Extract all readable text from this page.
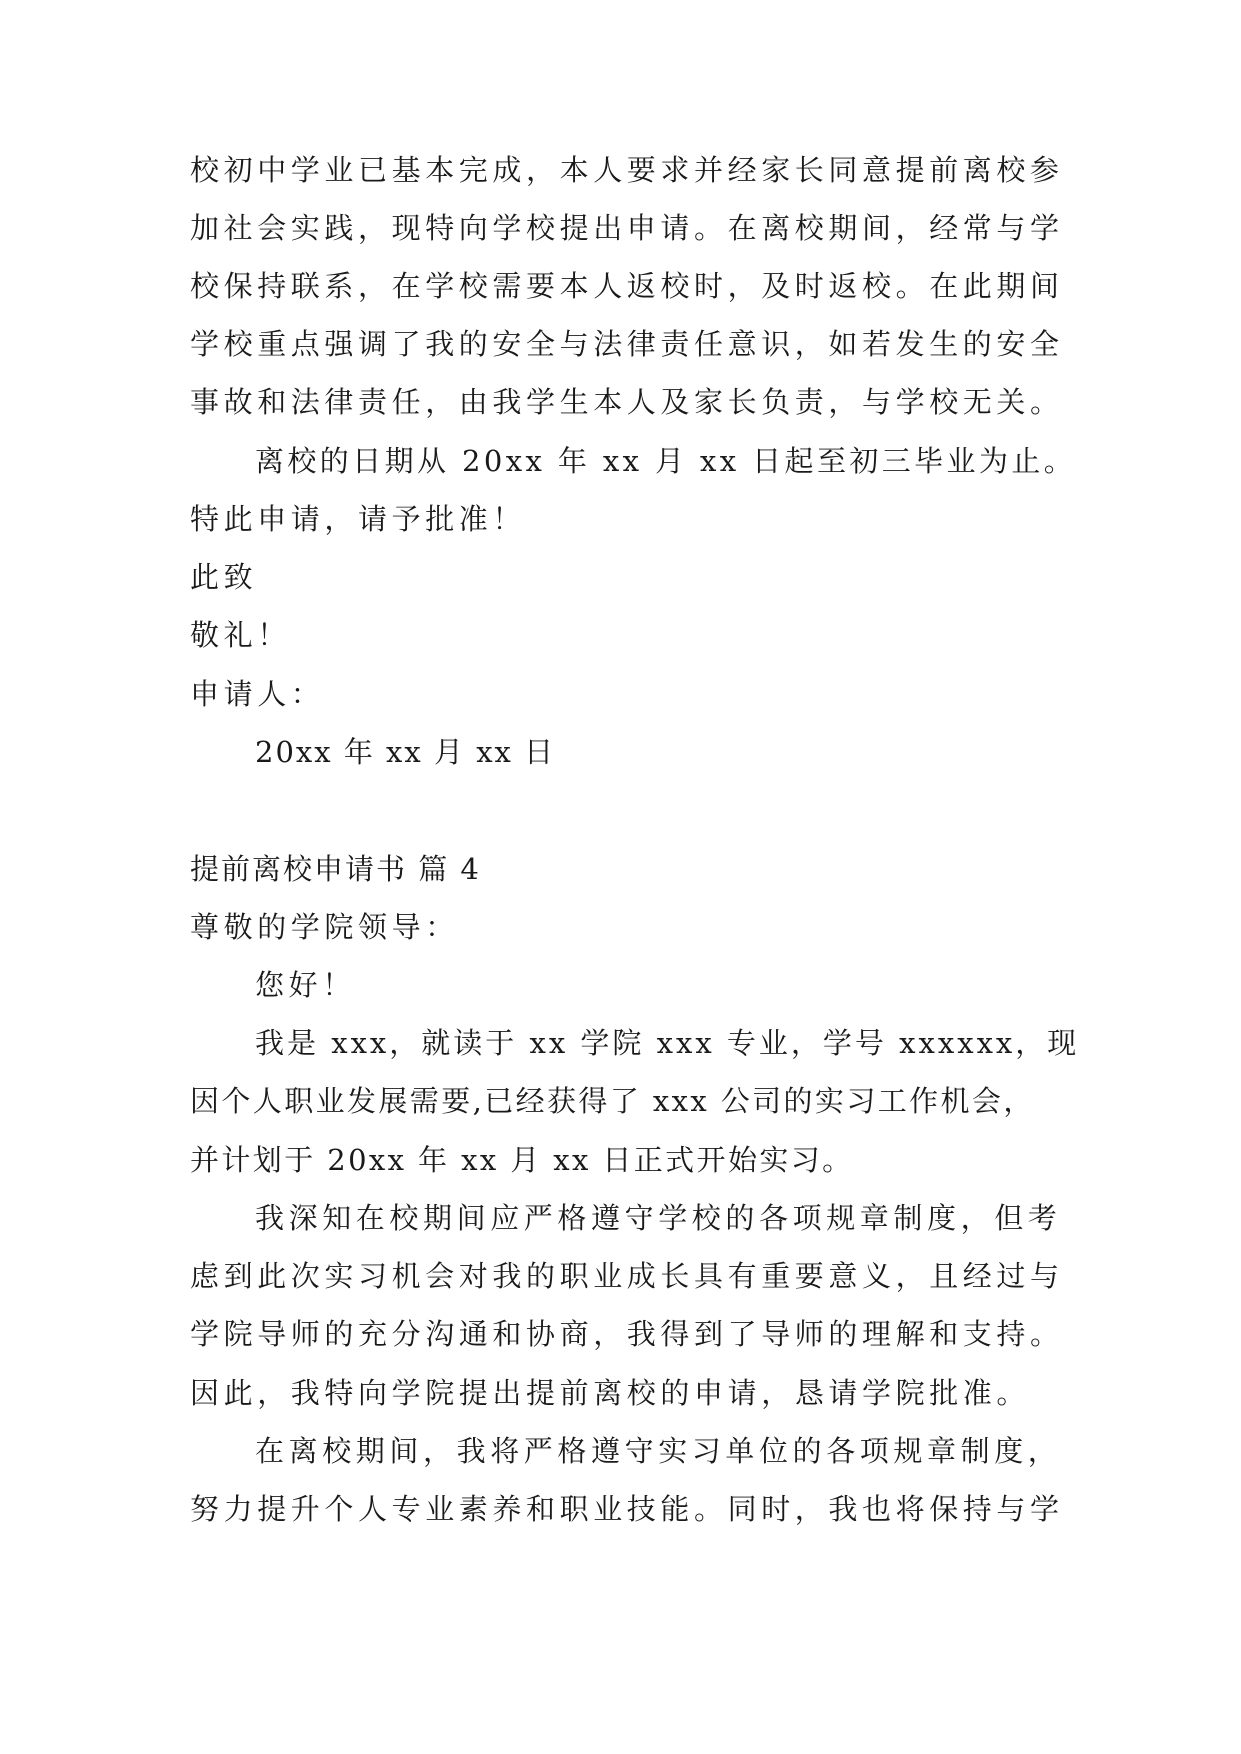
校初中学业已基本完成，本人要求并经家长同意提前离校参
加社会实践，现特向学校提出申请。在离校期间，经常与学
校保持联系，在学校需要本人返校时，及时返校。在此期间
学校重点强调了我的安全与法律责任意识，如若发生的安全
事故和法律责任，由我学生本人及家长负责，与学校无关。
离校的日期从 20xx 年 xx 月 xx 日起至初三毕业为止。
特此申请，请予批准！
此致
敬礼！
申请人：
20xx 年 xx 月 xx 日
提前离校申请书 篇 4
尊敬的学院领导：
您好！
我是 xxx，就读于 xx 学院 xxx 专业，学号 xxxxxx，现
因个人职业发展需要,已经获得了 xxx 公司的实习工作机会，
并计划于 20xx 年 xx 月 xx 日正式开始实习。
我深知在校期间应严格遵守学校的各项规章制度，但考
虑到此次实习机会对我的职业成长具有重要意义，且经过与
学院导师的充分沟通和协商，我得到了导师的理解和支持。
因此，我特向学院提出提前离校的申请，恳请学院批准。
在离校期间，我将严格遵守实习单位的各项规章制度，
努力提升个人专业素养和职业技能。同时，我也将保持与学
